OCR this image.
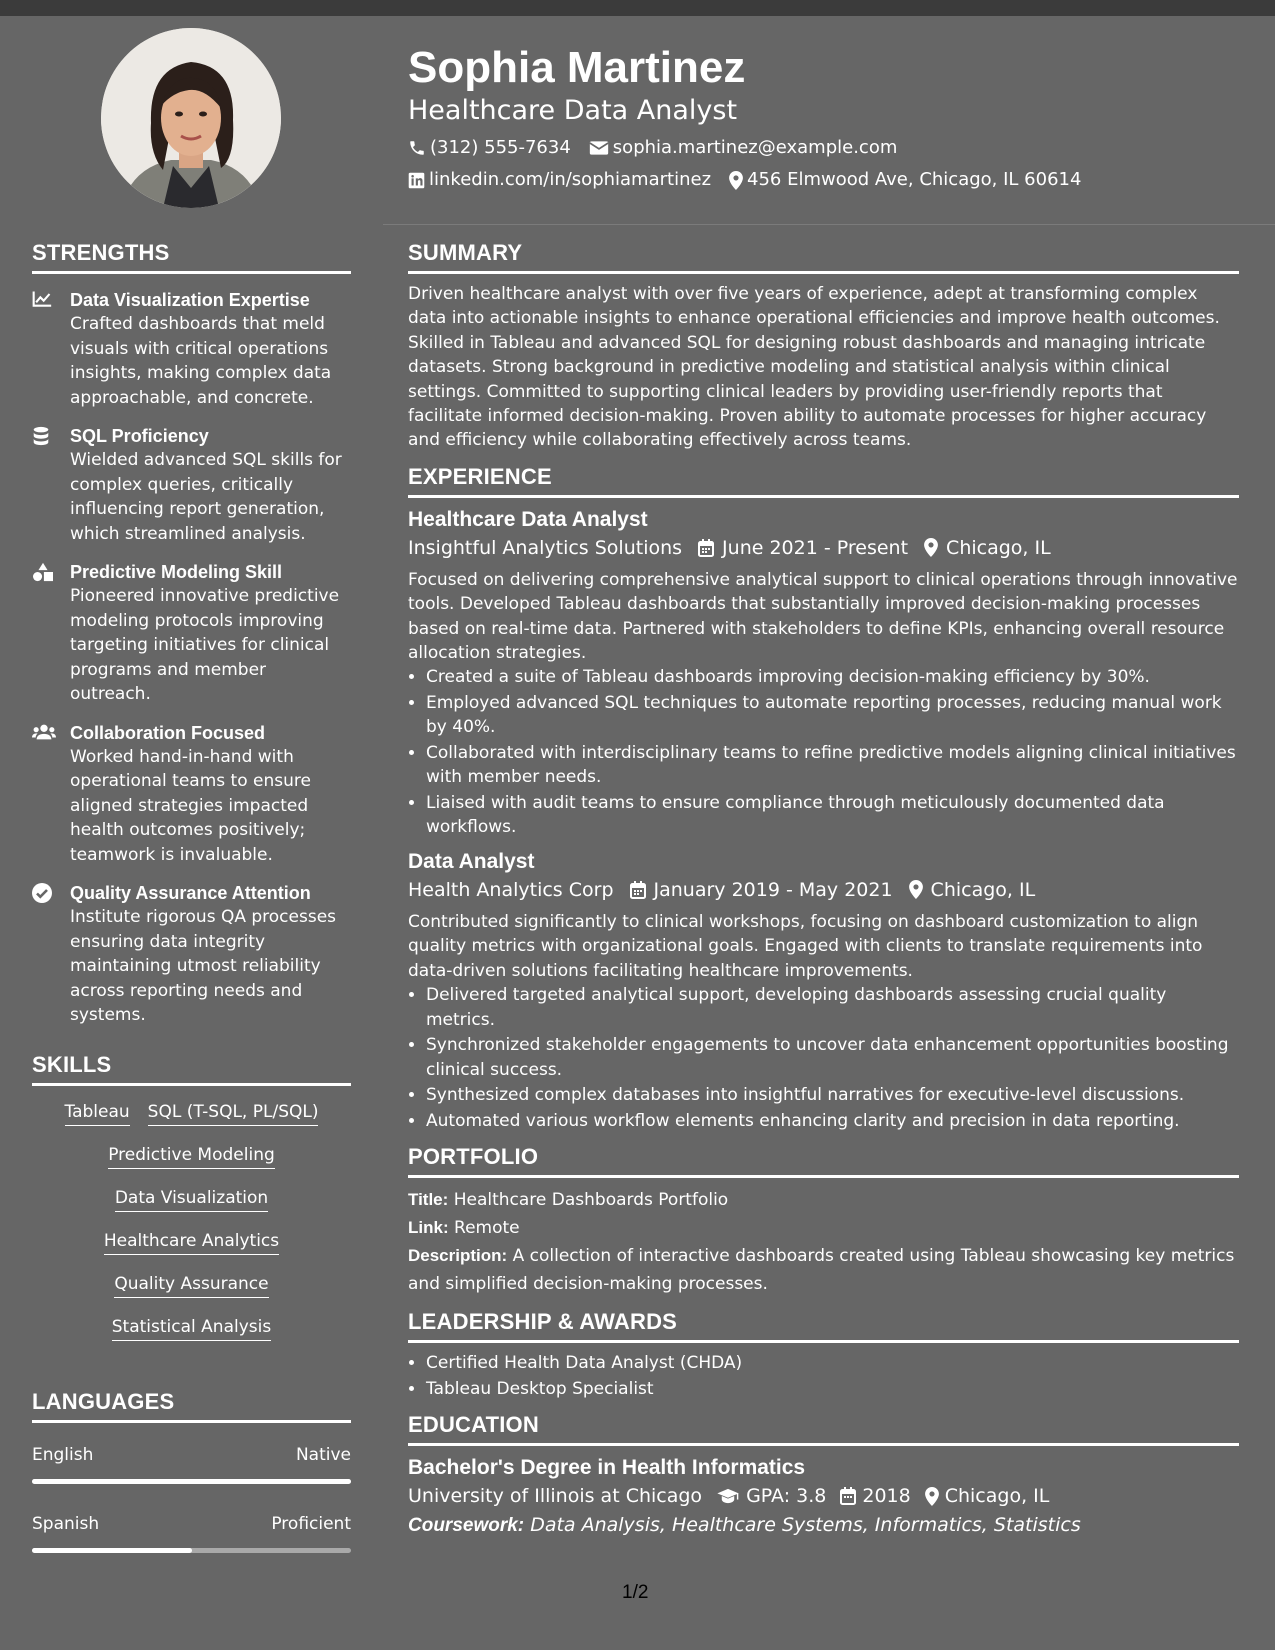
Sophia Martinez
Healthcare Data Analyst
(312) 555-7634 sophia.martinez@example.com
linkedin.com/in/sophiamartinez 456 Elmwood Ave, Chicago, IL 60614
STRENGTHS
Data Visualization Expertise
Crafted dashboards that meld visuals with critical operations insights, making complex data approachable, and concrete.
SQL Proficiency
Wielded advanced SQL skills for complex queries, critically influencing report generation, which streamlined analysis.
Predictive Modeling Skill
Pioneered innovative predictive modeling protocols improving targeting initiatives for clinical programs and member outreach.
Collaboration Focused
Worked hand-in-hand with operational teams to ensure aligned strategies impacted health outcomes positively; teamwork is invaluable.
Quality Assurance Attention
Institute rigorous QA processes ensuring data integrity maintaining utmost reliability across reporting needs and systems.
SKILLS
Tableau SQL (T-SQL, PL/SQL)
Predictive Modeling
Data Visualization
Healthcare Analytics
Quality Assurance
Statistical Analysis
LANGUAGES
English	Native
Spanish	Proficient
SUMMARY

Driven healthcare analyst with over five years of experience, adept at transforming complex data into actionable insights to enhance operational efficiencies and improve health outcomes. Skilled in Tableau and advanced SQL for designing robust dashboards and managing intricate datasets. Strong background in predictive modeling and statistical analysis within clinical settings. Committed to supporting clinical leaders by providing user-friendly reports that facilitate informed decision-making. Proven ability to automate processes for higher accuracy and efficiency while collaborating effectively across teams.

EXPERIENCE
Healthcare Data Analyst
Insightful Analytics Solutions June 2021 - Present Chicago, IL

Focused on delivering comprehensive analytical support to clinical operations through innovative tools. Developed Tableau dashboards that substantially improved decision-making processes based on real-time data. Partnered with stakeholders to define KPIs, enhancing overall resource allocation strategies.

• Created a suite of Tableau dashboards improving decision-making efficiency by 30%.
• Employed advanced SQL techniques to automate reporting processes, reducing manual work by 40%.
• Collaborated with interdisciplinary teams to refine predictive models aligning clinical initiatives with member needs.
• Liaised with audit teams to ensure compliance through meticulously documented data workflows.
Data Analyst
Health Analytics Corp January 2019 - May 2021 Chicago, IL

Contributed significantly to clinical workshops, focusing on dashboard customization to align quality metrics with organizational goals. Engaged with clients to translate requirements into data-driven solutions facilitating healthcare improvements.

• Delivered targeted analytical support, developing dashboards assessing crucial quality metrics.
• Synchronized stakeholder engagements to uncover data enhancement opportunities boosting clinical success.
• Synthesized complex databases into insightful narratives for executive-level discussions.
• Automated various workflow elements enhancing clarity and precision in data reporting.
PORTFOLIO
Title: Healthcare Dashboards Portfolio
Link: Remote
Description: A collection of interactive dashboards created using Tableau showcasing key metrics and simplified decision-making processes.
LEADERSHIP & AWARDS
• Certified Health Data Analyst (CHDA)
• Tableau Desktop Specialist
EDUCATION
Bachelor's Degree in Health Informatics
University of Illinois at Chicago GPA: 3.8 2018 Chicago, IL
Coursework: Data Analysis, Healthcare Systems, Informatics, Statistics
1/2
